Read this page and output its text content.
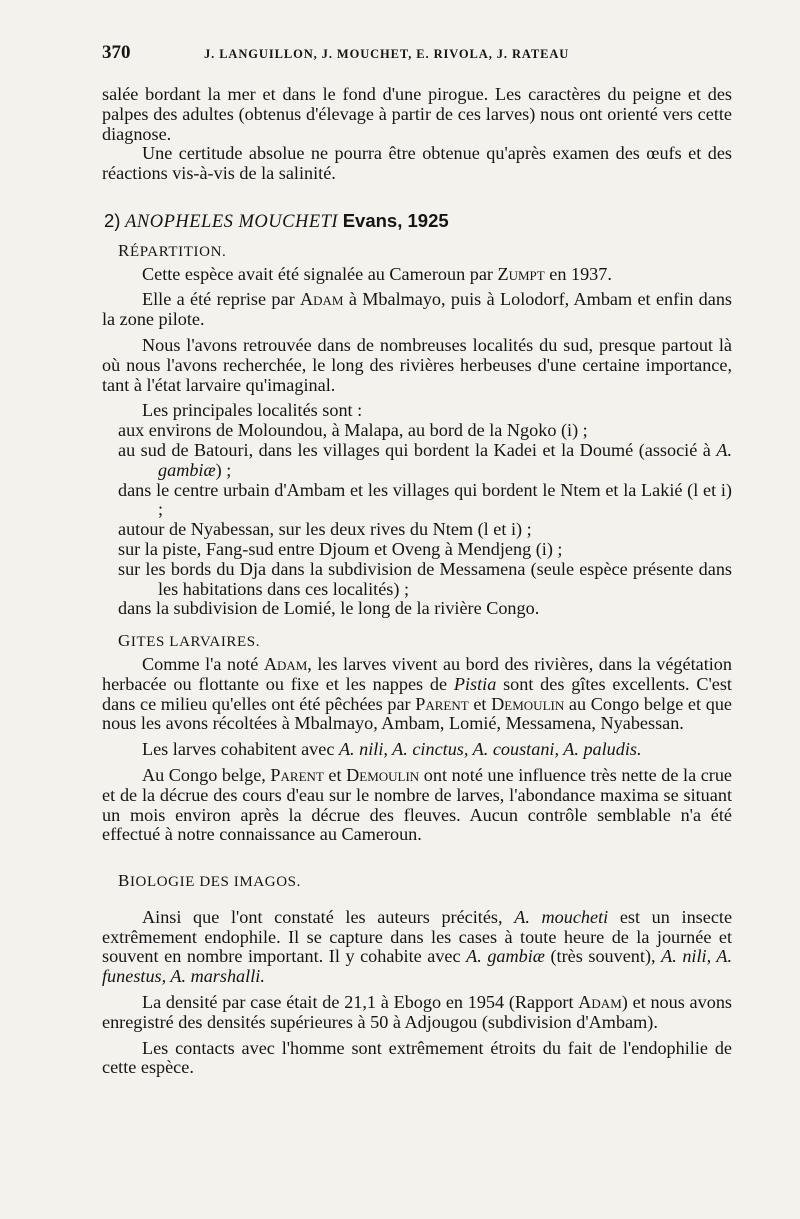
370	J. LANGUILLON, J. MOUCHET, E. RIVOLA, J. RATEAU

salée bordant la mer et dans le fond d'une pirogue. Les caractères du peigne et des palpes des adultes (obtenus d'élevage à partir de ces larves) nous ont orienté vers cette diagnose.

Une certitude absolue ne pourra être obtenue qu'après examen des œufs et des réactions vis-à-vis de la salinité.

2) ANOPHELES MOUCHETI Evans, 1925
RÉPARTITION.

Cette espèce avait été signalée au Cameroun par Zumpt en 1937.

Elle a été reprise par Adam à Mbalmayo, puis à Lolodorf, Ambam et enfin dans la zone pilote.

Nous l'avons retrouvée dans de nombreuses localités du sud, presque partout là où nous l'avons recherchée, le long des rivières herbeuses d'une certaine importance, tant à l'état larvaire qu'imaginal.

Les principales localités sont :

aux environs de Moloundou, à Malapa, au bord de la Ngoko (i) ;
au sud de Batouri, dans les villages qui bordent la Kadei et la Doumé (associé à A. gambiæ) ;
dans le centre urbain d'Ambam et les villages qui bordent le Ntem et la Lakié (l et i) ;
autour de Nyabessan, sur les deux rives du Ntem (l et i) ;
sur la piste, Fang-sud entre Djoum et Oveng à Mendjeng (i) ;
sur les bords du Dja dans la subdivision de Messamena (seule espèce présente dans les habitations dans ces localités) ;
dans la subdivision de Lomié, le long de la rivière Congo.
GITES LARVAIRES.

Comme l'a noté Adam, les larves vivent au bord des rivières, dans la végétation herbacée ou flottante ou fixe et les nappes de Pistia sont des gîtes excellents. C'est dans ce milieu qu'elles ont été pêchées par Parent et Demoulin au Congo belge et que nous les avons récoltées à Mbalmayo, Ambam, Lomié, Messamena, Nyabessan.

Les larves cohabitent avec A. nili, A. cinctus, A. coustani, A. paludis.

Au Congo belge, Parent et Demoulin ont noté une influence très nette de la crue et de la décrue des cours d'eau sur le nombre de larves, l'abondance maxima se situant un mois environ après la décrue des fleuves. Aucun contrôle semblable n'a été effectué à notre connaissance au Cameroun.

BIOLOGIE DES IMAGOS.

Ainsi que l'ont constaté les auteurs précités, A. moucheti est un insecte extrêmement endophile. Il se capture dans les cases à toute heure de la journée et souvent en nombre important. Il y cohabite avec A. gambiæ (très souvent), A. nili, A. funestus, A. marshalli.

La densité par case était de 21,1 à Ebogo en 1954 (Rapport Adam) et nous avons enregistré des densités supérieures à 50 à Adjougou (subdivision d'Ambam).

Les contacts avec l'homme sont extrêmement étroits du fait de l'endophilie de cette espèce.
